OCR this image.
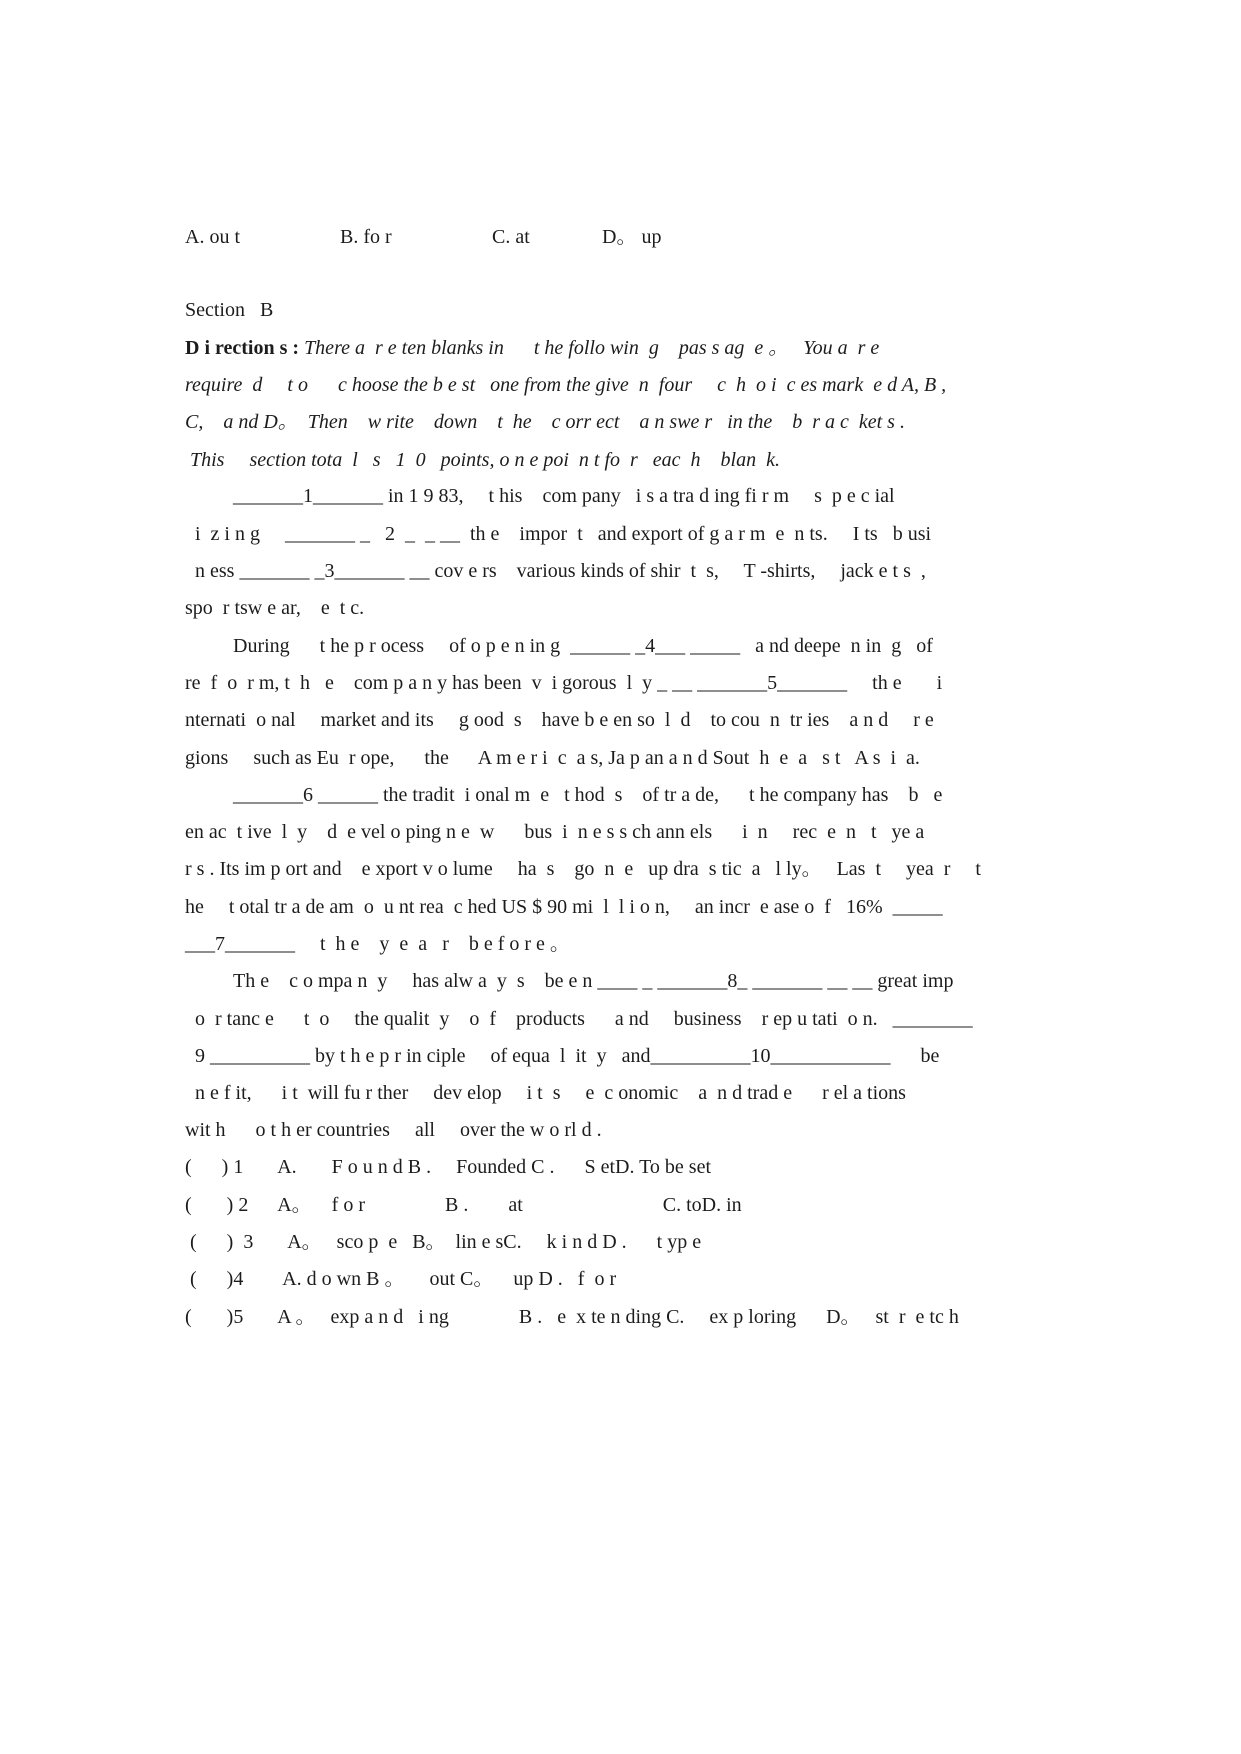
A. ou t	B. fo r	C. at	D。 up
Section   B
D i rection s : There a  r e ten blanks in      t he follo win  g    pas s ag  e 。   You a  r e
require  d     t o      c hoose the b e st   one from the give  n  four     c  h  o i  c es mark  e d A, B ,
C,    a nd D。  Then    w rite    down    t  he    c orr ect    a n swe r   in the    b  r a c  ket s .
This     section tota  l   s   1  0   points, o n e poi  n t fo  r   eac  h    blan  k.
_______1_______ in 1 9 83,     t his    com pany   i s a tra d ing fi r m     s  p e c ial
i  z i n g     _______ _   2  _  _ __  th e    impor  t   and export of g a r m  e  n ts.     I ts   b usi
n ess _______ _3_______ __ cov e rs    various kinds of shir  t  s,     T -shirts,     jack e t s  ,
spo  r tsw e ar,    e  t c.
During      t he p r ocess     of o p e n in g  ______ _4___ _____   a nd deepe  n in  g   of
re  f  o  r m, t  h   e    com p a n y has been  v  i gorous  l  y _ __ _______5_______     th e       i
nternati  o nal     market and its     g ood  s    have b e en so  l  d    to cou  n  tr ies    a n d     r e
gions     such as Eu  r ope,      the      A m e r i  c  a s, Ja p an a n d Sout  h  e  a   s t   A s  i  a.
_______6 ______ the tradit  i onal m  e   t hod  s    of tr a de,      t he company has    b   e
en ac  t ive  l  y    d  e vel o ping n e  w      bus  i  n e s s ch ann els      i  n     rec  e  n   t   ye a
r s . Its im p ort and    e xport v o lume     ha  s    go  n  e   up dra  s tic  a   l ly。   Las  t     yea  r     t
he     t otal tr a de am  o  u nt rea  c hed US $ 90 mi  l  l i o n,     an incr  e ase o  f   16%  _____
___7_______     t  h e    y  e  a   r    b e f o r e 。
Th e    c o mpa n  y     has alw a  y  s    be e n ____ _ _______8_ _______ __ __ great imp
o  r tanc e      t  o     the qualit  y    o  f    products      a nd     business    r ep u tati  o n.   ________
9 __________ by t h e p r in ciple     of equa  l  it  y   and__________10____________      be
n e f it,      i t  will fu r ther     dev elop     i t  s     e  c onomic    a  n d trad e      r el a tions
wit h      o t h er countries     all     over the w o rl d .
(      ) 1       A.       F o u n d B .     Founded C .      S etD. To be set
(       ) 2      A。    f o r                B .        at                            C. toD. in
(      )  3       A。   sco p  e   B。  lin e sC.     k i n d D .      t yp e
(      )4        A. d o wn B 。     out C。    up D .   f  o r
(       )5       A 。   exp a n d   i ng              B .   e  x te n ding C.     ex p loring      D。   st  r  e tc h
